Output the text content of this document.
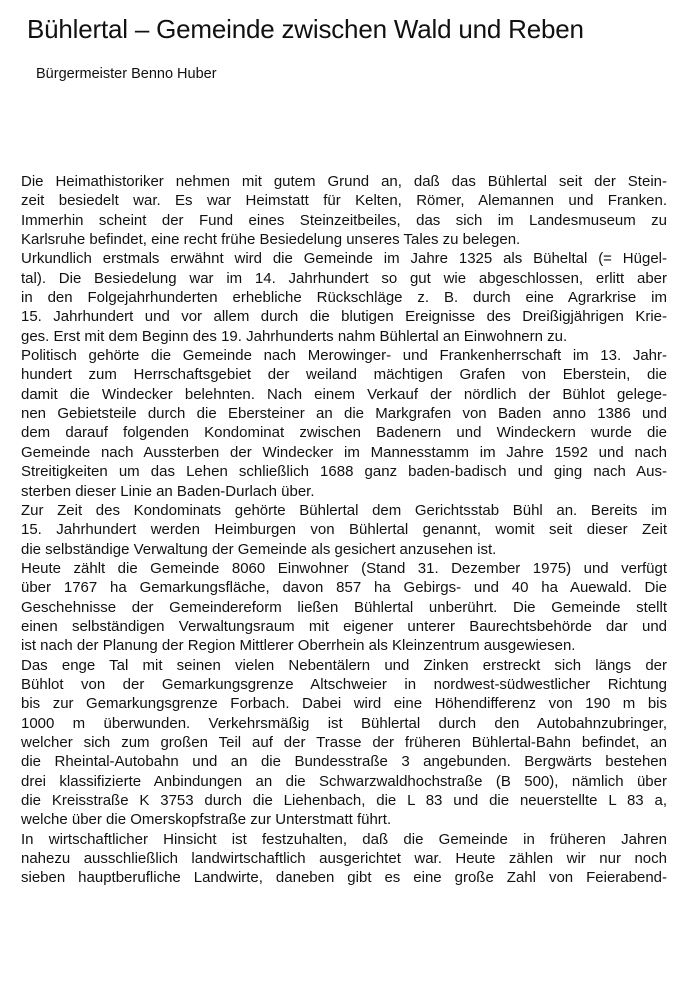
Bühlertal – Gemeinde zwischen Wald und Reben
Bürgermeister Benno Huber
Die Heimathistoriker nehmen mit gutem Grund an, daß das Bühlertal seit der Stein-
zeit besiedelt war. Es war Heimstatt für Kelten, Römer, Alemannen und Franken.
Immerhin scheint der Fund eines Steinzeitbeiles, das sich im Landesmuseum zu
Karlsruhe befindet, eine recht frühe Besiedelung unseres Tales zu belegen.
Urkundlich erstmals erwähnt wird die Gemeinde im Jahre 1325 als Büheltal (= Hügel-
tal). Die Besiedelung war im 14. Jahrhundert so gut wie abgeschlossen, erlitt aber
in den Folgejahrhunderten erhebliche Rückschläge z. B. durch eine Agrarkrise im
15. Jahrhundert und vor allem durch die blutigen Ereignisse des Dreißigjährigen Krie-
ges. Erst mit dem Beginn des 19. Jahrhunderts nahm Bühlertal an Einwohnern zu.
Politisch gehörte die Gemeinde nach Merowinger- und Frankenherrschaft im 13. Jahr-
hundert zum Herrschaftsgebiet der weiland mächtigen Grafen von Eberstein, die
damit die Windecker belehnten. Nach einem Verkauf der nördlich der Bühlot gelege-
nen Gebietsteile durch die Ebersteiner an die Markgrafen von Baden anno 1386 und
dem darauf folgenden Kondominat zwischen Badenern und Windeckern wurde die
Gemeinde nach Aussterben der Windecker im Mannesstamm im Jahre 1592 und nach
Streitigkeiten um das Lehen schließlich 1688 ganz baden-badisch und ging nach Aus-
sterben dieser Linie an Baden-Durlach über.
Zur Zeit des Kondominats gehörte Bühlertal dem Gerichtsstab Bühl an. Bereits im
15. Jahrhundert werden Heimburgen von Bühlertal genannt, womit seit dieser Zeit
die selbständige Verwaltung der Gemeinde als gesichert anzusehen ist.
Heute zählt die Gemeinde 8060 Einwohner (Stand 31. Dezember 1975) und verfügt
über 1767 ha Gemarkungsfläche, davon 857 ha Gebirgs- und 40 ha Auewald. Die
Geschehnisse der Gemeindereform ließen Bühlertal unberührt. Die Gemeinde stellt
einen selbständigen Verwaltungsraum mit eigener unterer Baurechtsbehörde dar und
ist nach der Planung der Region Mittlerer Oberrhein als Kleinzentrum ausgewiesen.
Das enge Tal mit seinen vielen Nebentälern und Zinken erstreckt sich längs der
Bühlot von der Gemarkungsgrenze Altschweier in nordwest-südwestlicher Richtung
bis zur Gemarkungsgrenze Forbach. Dabei wird eine Höhendifferenz von 190 m bis
1000 m überwunden. Verkehrsmäßig ist Bühlertal durch den Autobahnzubringer,
welcher sich zum großen Teil auf der Trasse der früheren Bühlertal-Bahn befindet, an
die Rheintal-Autobahn und an die Bundesstraße 3 angebunden. Bergwärts bestehen
drei klassifizierte Anbindungen an die Schwarzwaldhochstraße (B 500), nämlich über
die Kreisstraße K 3753 durch die Liehenbach, die L 83 und die neuerstellte L 83 a,
welche über die Omerskopfstraße zur Unterstmatt führt.
In wirtschaftlicher Hinsicht ist festzuhalten, daß die Gemeinde in früheren Jahren
nahezu ausschließlich landwirtschaftlich ausgerichtet war. Heute zählen wir nur noch
sieben hauptberufliche Landwirte, daneben gibt es eine große Zahl von Feierabend-
